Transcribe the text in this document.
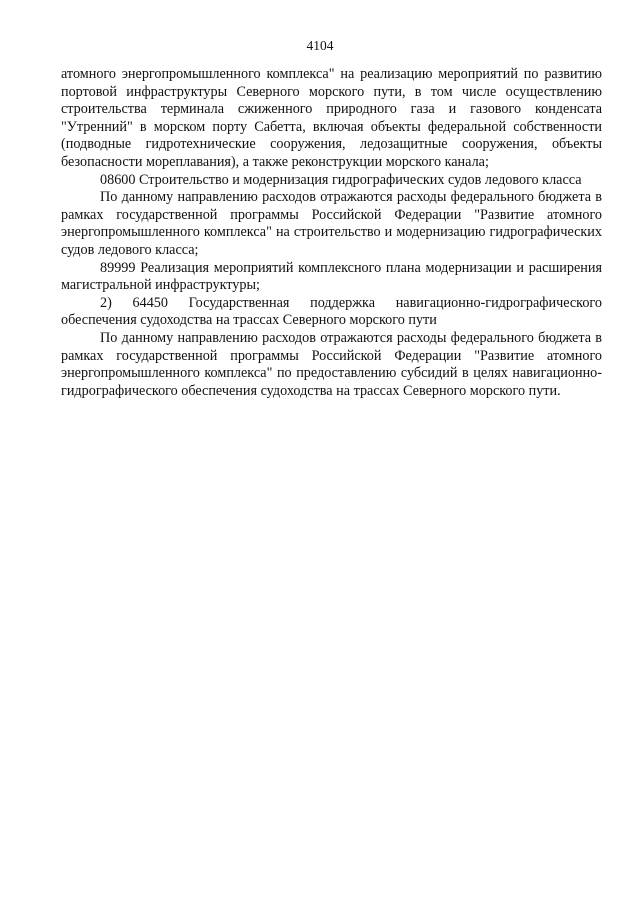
4104

атомного энергопромышленного комплекса" на реализацию мероприятий по развитию портовой инфраструктуры Северного морского пути, в том числе осуществлению строительства терминала сжиженного природного газа и газового конденсата "Утренний" в морском порту Сабетта, включая объекты федеральной собственности (подводные гидротехнические сооружения, ледозащитные сооружения, объекты безопасности мореплавания), а также реконструкции морского канала;

08600 Строительство и модернизация гидрографических судов ледового класса

По данному направлению расходов отражаются расходы федерального бюджета в рамках государственной программы Российской Федерации "Развитие атомного энергопромышленного комплекса" на строительство и модернизацию гидрографических судов ледового класса;

89999 Реализация мероприятий комплексного плана модернизации и расширения магистральной инфраструктуры;

2) 64450 Государственная поддержка навигационно-гидрографического обеспечения судоходства на трассах Северного морского пути

По данному направлению расходов отражаются расходы федерального бюджета в рамках государственной программы Российской Федерации "Развитие атомного энергопромышленного комплекса" по предоставлению субсидий в целях навигационно-гидрографического обеспечения судоходства на трассах Северного морского пути.
